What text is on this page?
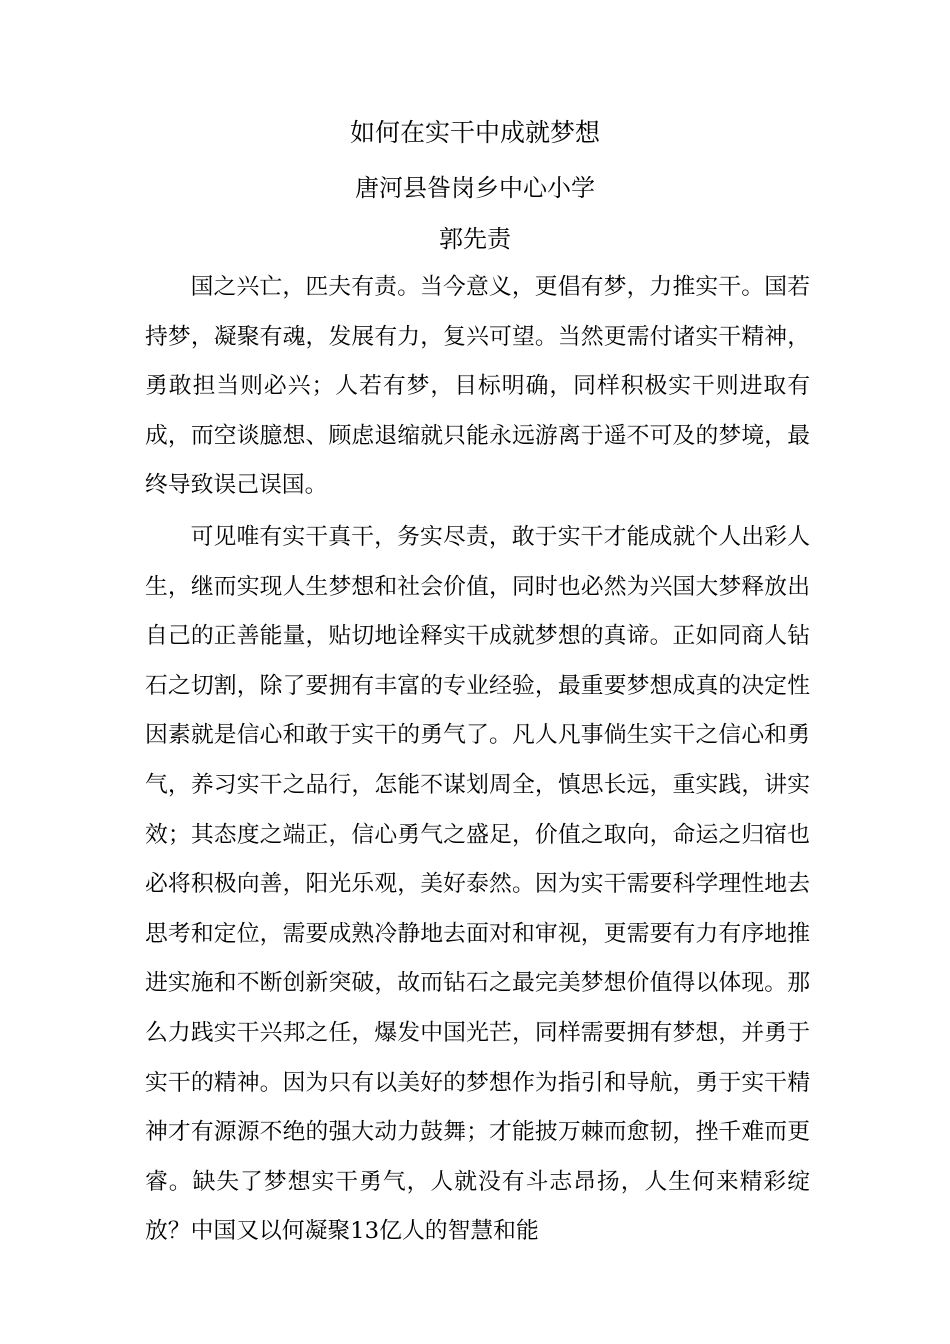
如何在实干中成就梦想
唐河县昝岗乡中心小学
郭先责

国之兴亡，匹夫有责。当今意义，更倡有梦，力推实干。国若持梦，凝聚有魂，发展有力，复兴可望。当然更需付诸实干精神，勇敢担当则必兴；人若有梦，目标明确，同样积极实干则进取有成，而空谈臆想、顾虑退缩就只能永远游离于遥不可及的梦境，最终导致误己误国。

可见唯有实干真干，务实尽责，敢于实干才能成就个人出彩人生，继而实现人生梦想和社会价值，同时也必然为兴国大梦释放出自己的正善能量，贴切地诠释实干成就梦想的真谛。正如同商人钻石之切割，除了要拥有丰富的专业经验，最重要梦想成真的决定性因素就是信心和敢于实干的勇气了。凡人凡事倘生实干之信心和勇气，养习实干之品行，怎能不谋划周全，慎思长远，重实践，讲实效；其态度之端正，信心勇气之盛足，价值之取向，命运之归宿也必将积极向善，阳光乐观，美好泰然。因为实干需要科学理性地去思考和定位，需要成熟冷静地去面对和审视，更需要有力有序地推进实施和不断创新突破，故而钻石之最完美梦想价值得以体现。那么力践实干兴邦之任，爆发中国光芒，同样需要拥有梦想，并勇于实干的精神。因为只有以美好的梦想作为指引和导航，勇于实干精神才有源源不绝的强大动力鼓舞；才能披万棘而愈韧，挫千难而更睿。缺失了梦想实干勇气，人就没有斗志昂扬，人生何来精彩绽放？中国又以何凝聚13亿人的智慧和能
